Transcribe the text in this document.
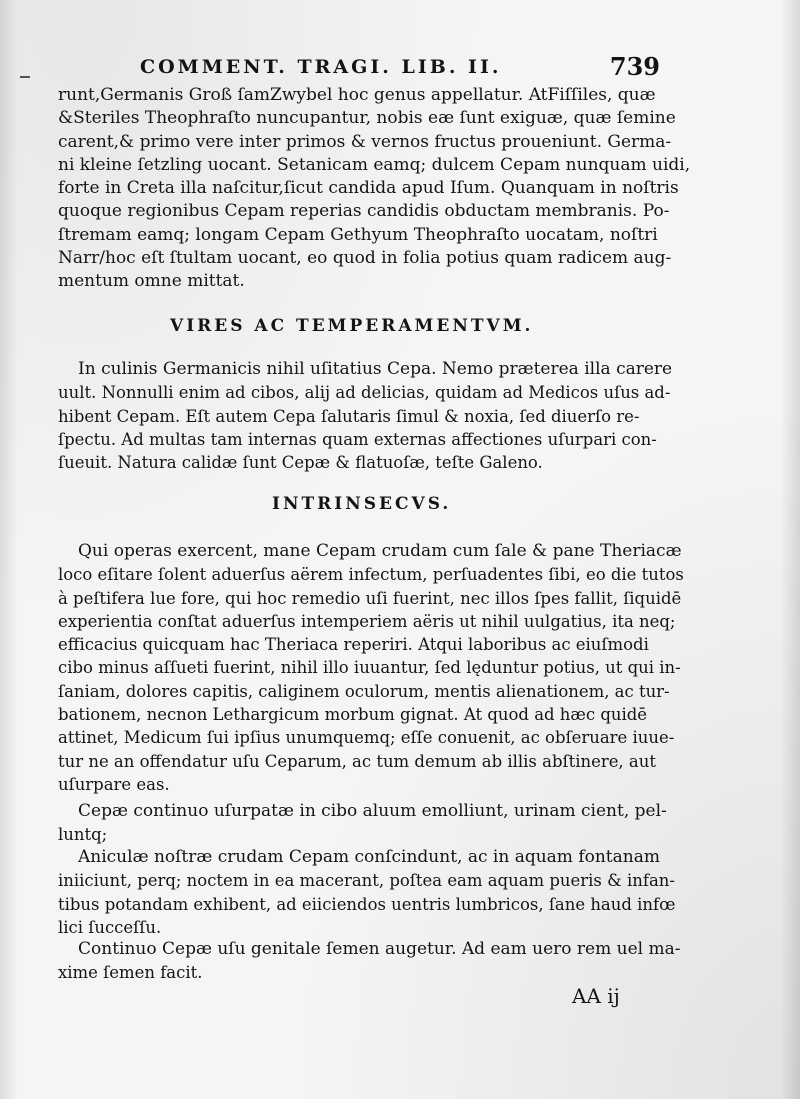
COMMENT. TRAGI. LIB. II.	739
runt,Germanis Groß ſamZwybel hoc genus appellatur. AtFiſſiles, quæ
&Steriles Theophraſto nuncupantur, nobis eæ ſunt exiguæ, quæ ſemine
carent,& primo vere inter primos & vernos fructus proueniunt. Germa-
ni kleine ſetzling uocant. Setanicam eamq; dulcem Cepam nunquam uidi,
forte in Creta illa naſcitur,ſicut candida apud Iſum. Quanquam in noſtris
quoque regionibus Cepam reperias candidis obductam membranis. Po-
ſtremam eamq; longam Cepam Gethyum Theophraſto uocatam, noſtri
Narr/hoc eſt ſtultam uocant, eo quod in folia potius quam radicem aug-
mentum omne mittat.
VIRES AC TEMPERAMENTVM.
In culinis Germanicis nihil uſitatius Cepa. Nemo præterea illa carere
uult. Nonnulli enim ad cibos, alij ad delicias, quidam ad Medicos uſus ad-
hibent Cepam. Eſt autem Cepa ſalutaris ſimul & noxia, ſed diuerſo re-
ſpectu. Ad multas tam internas quam externas affectiones uſurpari con-
ſueuit. Natura calidæ ſunt Cepæ & flatuoſæ, teſte Galeno.
INTRINSECVS.
Qui operas exercent, mane Cepam crudam cum ſale & pane Theriacæ
loco eſitare ſolent aduerſus aërem infectum, perſuadentes ſibi, eo die tutos
à peſtifera lue fore, qui hoc remedio uſi fuerint, nec illos ſpes fallit, ſiquidē
experientia conſtat aduerſus intemperiem aëris ut nihil uulgatius, ita neq;
efficacius quicquam hac Theriaca reperiri. Atqui laboribus ac eiuſmodi
cibo minus aſſueti fuerint, nihil illo iuuantur, ſed lęduntur potius, ut qui in-
ſaniam, dolores capitis, caliginem oculorum, mentis alienationem, ac tur-
bationem, necnon Lethargicum morbum gignat. At quod ad hæc quidē
attinet, Medicum ſui ipſius unumquemq; eſſe conuenit, ac obſeruare iuue-
tur ne an offendatur uſu Ceparum, ac tum demum ab illis abſtinere, aut
uſurpare eas.
Cepæ continuo uſurpatæ in cibo aluum emolliunt, urinam cient, pel-
luntq;
Aniculæ noſtræ crudam Cepam conſcindunt, ac in aquam fontanam
iniiciunt, perq; noctem in ea macerant, poſtea eam aquam pueris & infan-
tibus potandam exhibent, ad eiiciendos uentris lumbricos, ſane haud infœ
lici ſucceſſu.
Continuo Cepæ uſu genitale ſemen augetur. Ad eam uero rem uel ma-
xime ſemen facit.
AA ij
